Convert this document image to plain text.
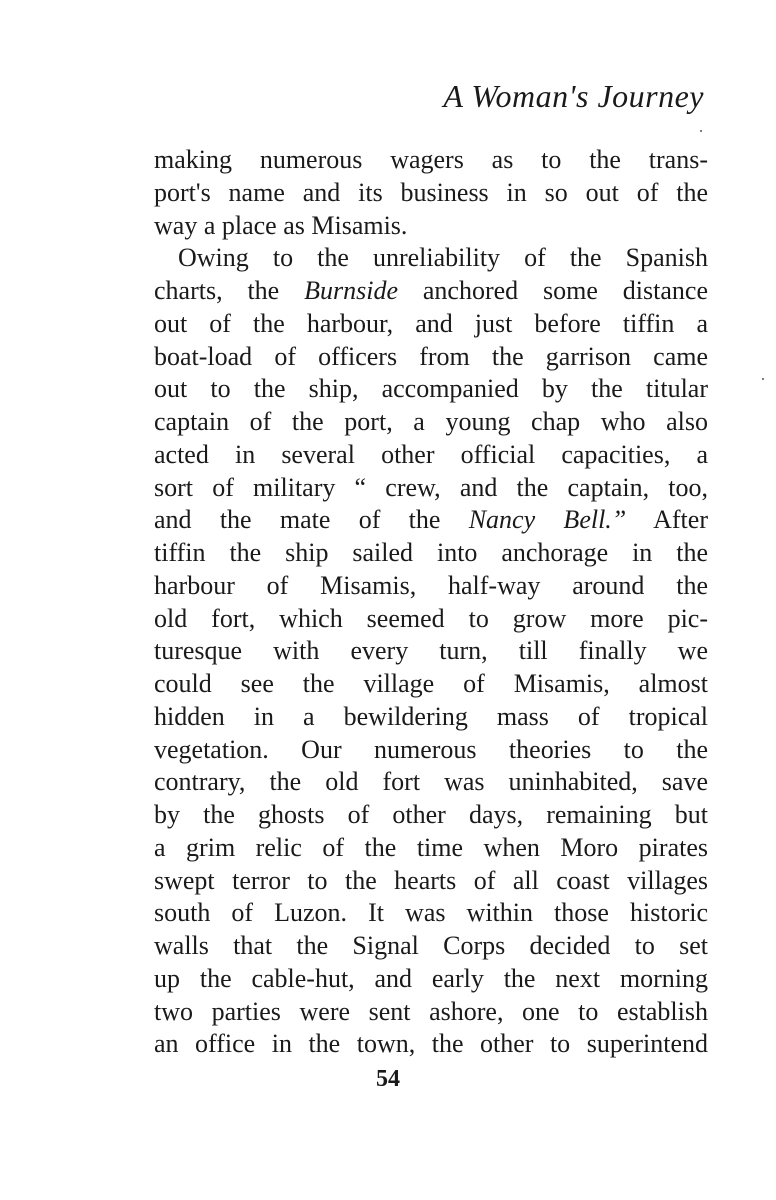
A Woman's Journey
making numerous wagers as to the trans-
port's name and its business in so out of the
way a place as Misamis.
Owing to the unreliability of the Spanish
charts, the Burnside anchored some distance
out of the harbour, and just before tiffin a
boat-load of officers from the garrison came
out to the ship, accompanied by the titular
captain of the port, a young chap who also
acted in several other official capacities, a
sort of military “ crew, and the captain, too,
and the mate of the Nancy Bell.” After
tiffin the ship sailed into anchorage in the
harbour of Misamis, half-way around the
old fort, which seemed to grow more pic-
turesque with every turn, till finally we
could see the village of Misamis, almost
hidden in a bewildering mass of tropical
vegetation. Our numerous theories to the
contrary, the old fort was uninhabited, save
by the ghosts of other days, remaining but
a grim relic of the time when Moro pirates
swept terror to the hearts of all coast villages
south of Luzon. It was within those historic
walls that the Signal Corps decided to set
up the cable-hut, and early the next morning
two parties were sent ashore, one to establish
an office in the town, the other to superintend
54
